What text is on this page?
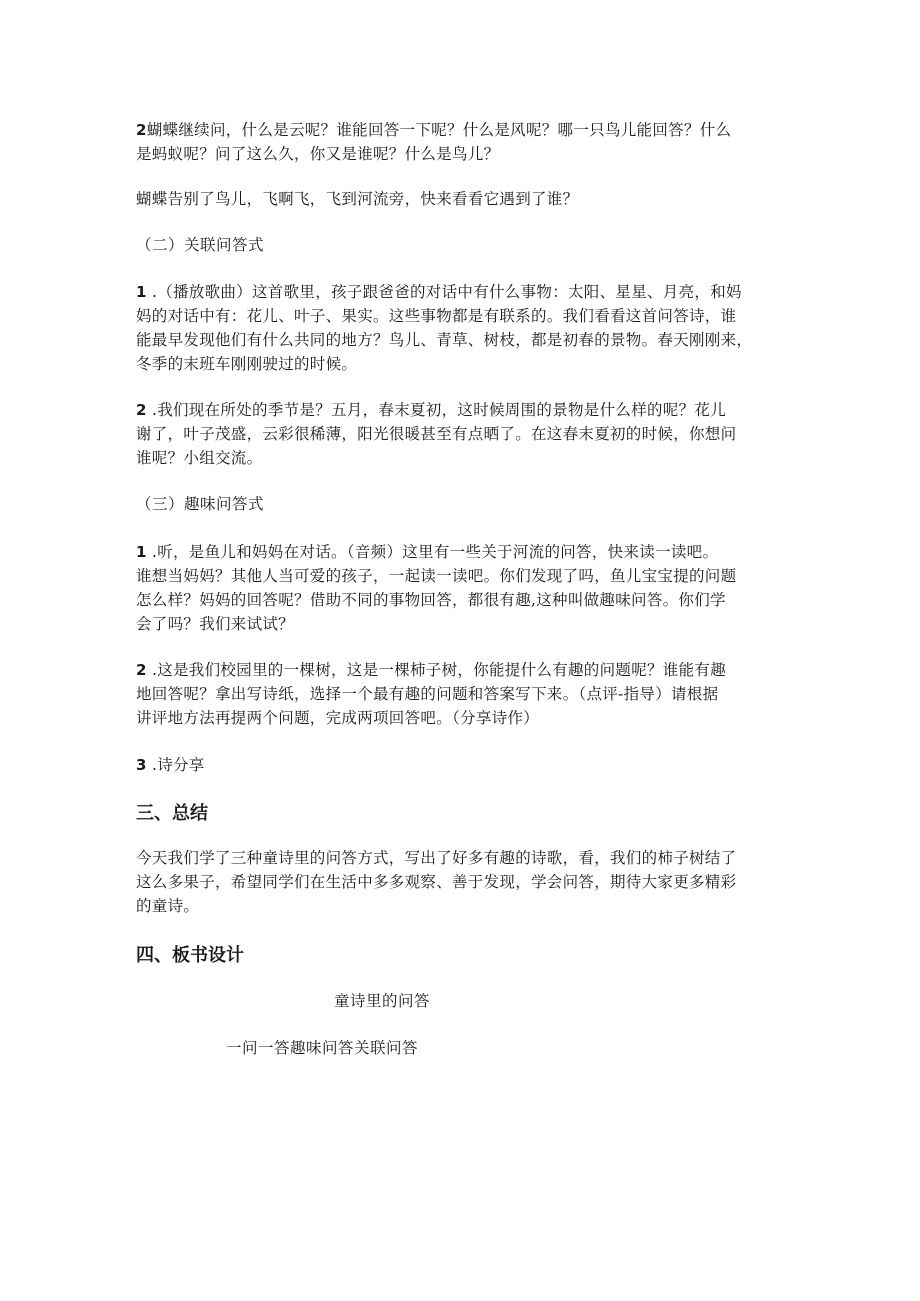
2蝴蝶继续问，什么是云呢？谁能回答一下呢？什么是风呢？哪一只鸟儿能回答？什么
是蚂蚁呢？问了这么久，你又是谁呢？什么是鸟儿？

蝴蝶告别了鸟儿，飞啊飞，飞到河流旁，快来看看它遇到了谁？

（二）关联问答式

1 .（播放歌曲）这首歌里，孩子跟爸爸的对话中有什么事物：太阳、星星、月亮，和妈
妈的对话中有：花儿、叶子、果实。这些事物都是有联系的。我们看看这首问答诗，谁
能最早发现他们有什么共同的地方？鸟儿、青草、树枝，都是初春的景物。春天刚刚来，
冬季的末班车刚刚驶过的时候。

2 .我们现在所处的季节是？五月，春末夏初，这时候周围的景物是什么样的呢？花儿
谢了，叶子茂盛，云彩很稀薄，阳光很暖甚至有点晒了。在这春末夏初的时候，你想问
谁呢？小组交流。

（三）趣味问答式

1 .听，是鱼儿和妈妈在对话。（音频）这里有一些关于河流的问答，快来读一读吧。
谁想当妈妈？其他人当可爱的孩子，一起读一读吧。你们发现了吗，鱼儿宝宝提的问题
怎么样？妈妈的回答呢？借助不同的事物回答，都很有趣,这种叫做趣味问答。你们学
会了吗？我们来试试？

2 .这是我们校园里的一棵树，这是一棵柿子树，你能提什么有趣的问题呢？谁能有趣
地回答呢？拿出写诗纸，选择一个最有趣的问题和答案写下来。（点评-指导）请根据
讲评地方法再提两个问题，完成两项回答吧。（分享诗作）

3 .诗分享

三、总结

今天我们学了三种童诗里的问答方式，写出了好多有趣的诗歌，看，我们的柿子树结了
这么多果子，希望同学们在生活中多多观察、善于发现，学会问答，期待大家更多精彩
的童诗。

四、板书设计

童诗里的问答

一问一答趣味问答关联问答
